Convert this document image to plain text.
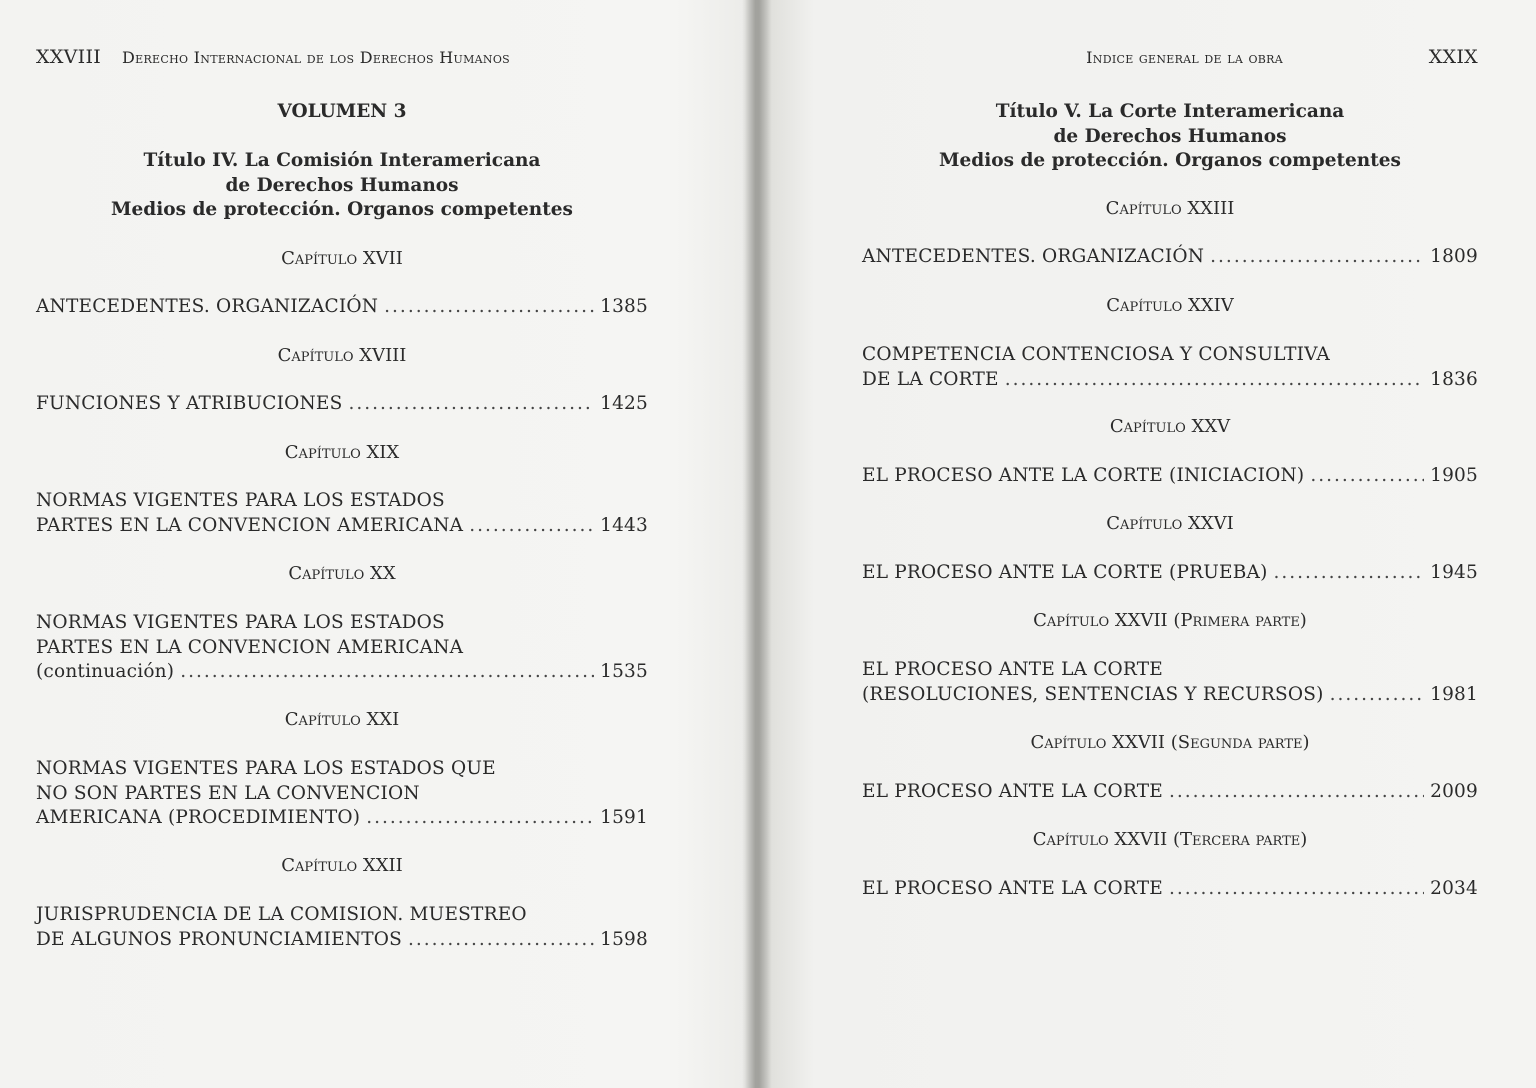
XXVIII Derecho Internacional de los Derechos Humanos
VOLUMEN 3
Título IV. La Comisión Interamericana
de Derechos Humanos
Medios de protección. Organos competentes
Capítulo XVII
ANTECEDENTES. ORGANIZACIÓN .....	1385
Capítulo XVIII
FUNCIONES Y ATRIBUCIONES .....	1425
Capítulo XIX
NORMAS VIGENTES PARA LOS ESTADOS
PARTES EN LA CONVENCION AMERICANA .....	1443
Capítulo XX
NORMAS VIGENTES PARA LOS ESTADOS
PARTES EN LA CONVENCION AMERICANA
(continuación) .....	1535
Capítulo XXI
NORMAS VIGENTES PARA LOS ESTADOS QUE
NO SON PARTES EN LA CONVENCION
AMERICANA (PROCEDIMIENTO) .....	1591
Capítulo XXII
JURISPRUDENCIA DE LA COMISION. MUESTREO
DE ALGUNOS PRONUNCIAMIENTOS .....	1598
Indice general de la obra	XXIX
Título V. La Corte Interamericana
de Derechos Humanos
Medios de protección. Organos competentes
Capítulo XXIII
ANTECEDENTES. ORGANIZACIÓN .....	1809
Capítulo XXIV
COMPETENCIA CONTENCIOSA Y CONSULTIVA
DE LA CORTE .....	1836
Capítulo XXV
EL PROCESO ANTE LA CORTE (INICIACION) .....	1905
Capítulo XXVI
EL PROCESO ANTE LA CORTE (PRUEBA) .....	1945
Capítulo XXVII (Primera parte)
EL PROCESO ANTE LA CORTE
(RESOLUCIONES, SENTENCIAS Y RECURSOS) .....	1981
Capítulo XXVII (Segunda parte)
EL PROCESO ANTE LA CORTE .....	2009
Capítulo XXVII (Tercera parte)
EL PROCESO ANTE LA CORTE .....	2034
